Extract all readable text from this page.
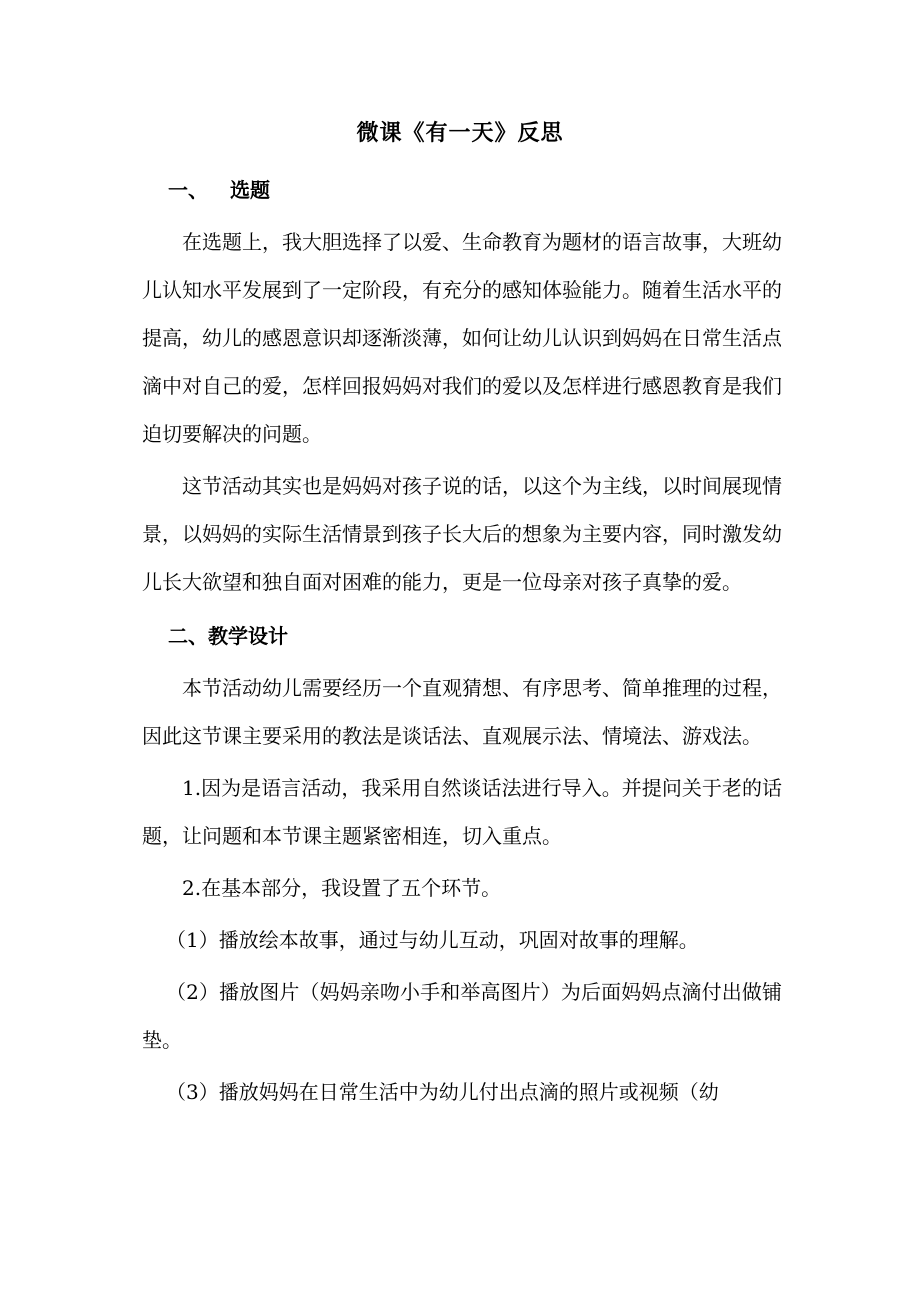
微课《有一天》反思

一、 选题

在选题上，我大胆选择了以爱、生命教育为题材的语言故事，大班幼儿认知水平发展到了一定阶段，有充分的感知体验能力。随着生活水平的提高，幼儿的感恩意识却逐渐淡薄，如何让幼儿认识到妈妈在日常生活点滴中对自己的爱，怎样回报妈妈对我们的爱以及怎样进行感恩教育是我们迫切要解决的问题。

这节活动其实也是妈妈对孩子说的话，以这个为主线，以时间展现情景，以妈妈的实际生活情景到孩子长大后的想象为主要内容，同时激发幼儿长大欲望和独自面对困难的能力，更是一位母亲对孩子真挚的爱。

二、教学设计

本节活动幼儿需要经历一个直观猜想、有序思考、简单推理的过程，因此这节课主要采用的教法是谈话法、直观展示法、情境法、游戏法。

1.因为是语言活动，我采用自然谈话法进行导入。并提问关于老的话题，让问题和本节课主题紧密相连，切入重点。

2.在基本部分，我设置了五个环节。

（1）播放绘本故事，通过与幼儿互动，巩固对故事的理解。

（2）播放图片（妈妈亲吻小手和举高图片）为后面妈妈点滴付出做铺垫。

（3）播放妈妈在日常生活中为幼儿付出点滴的照片或视频（幼
